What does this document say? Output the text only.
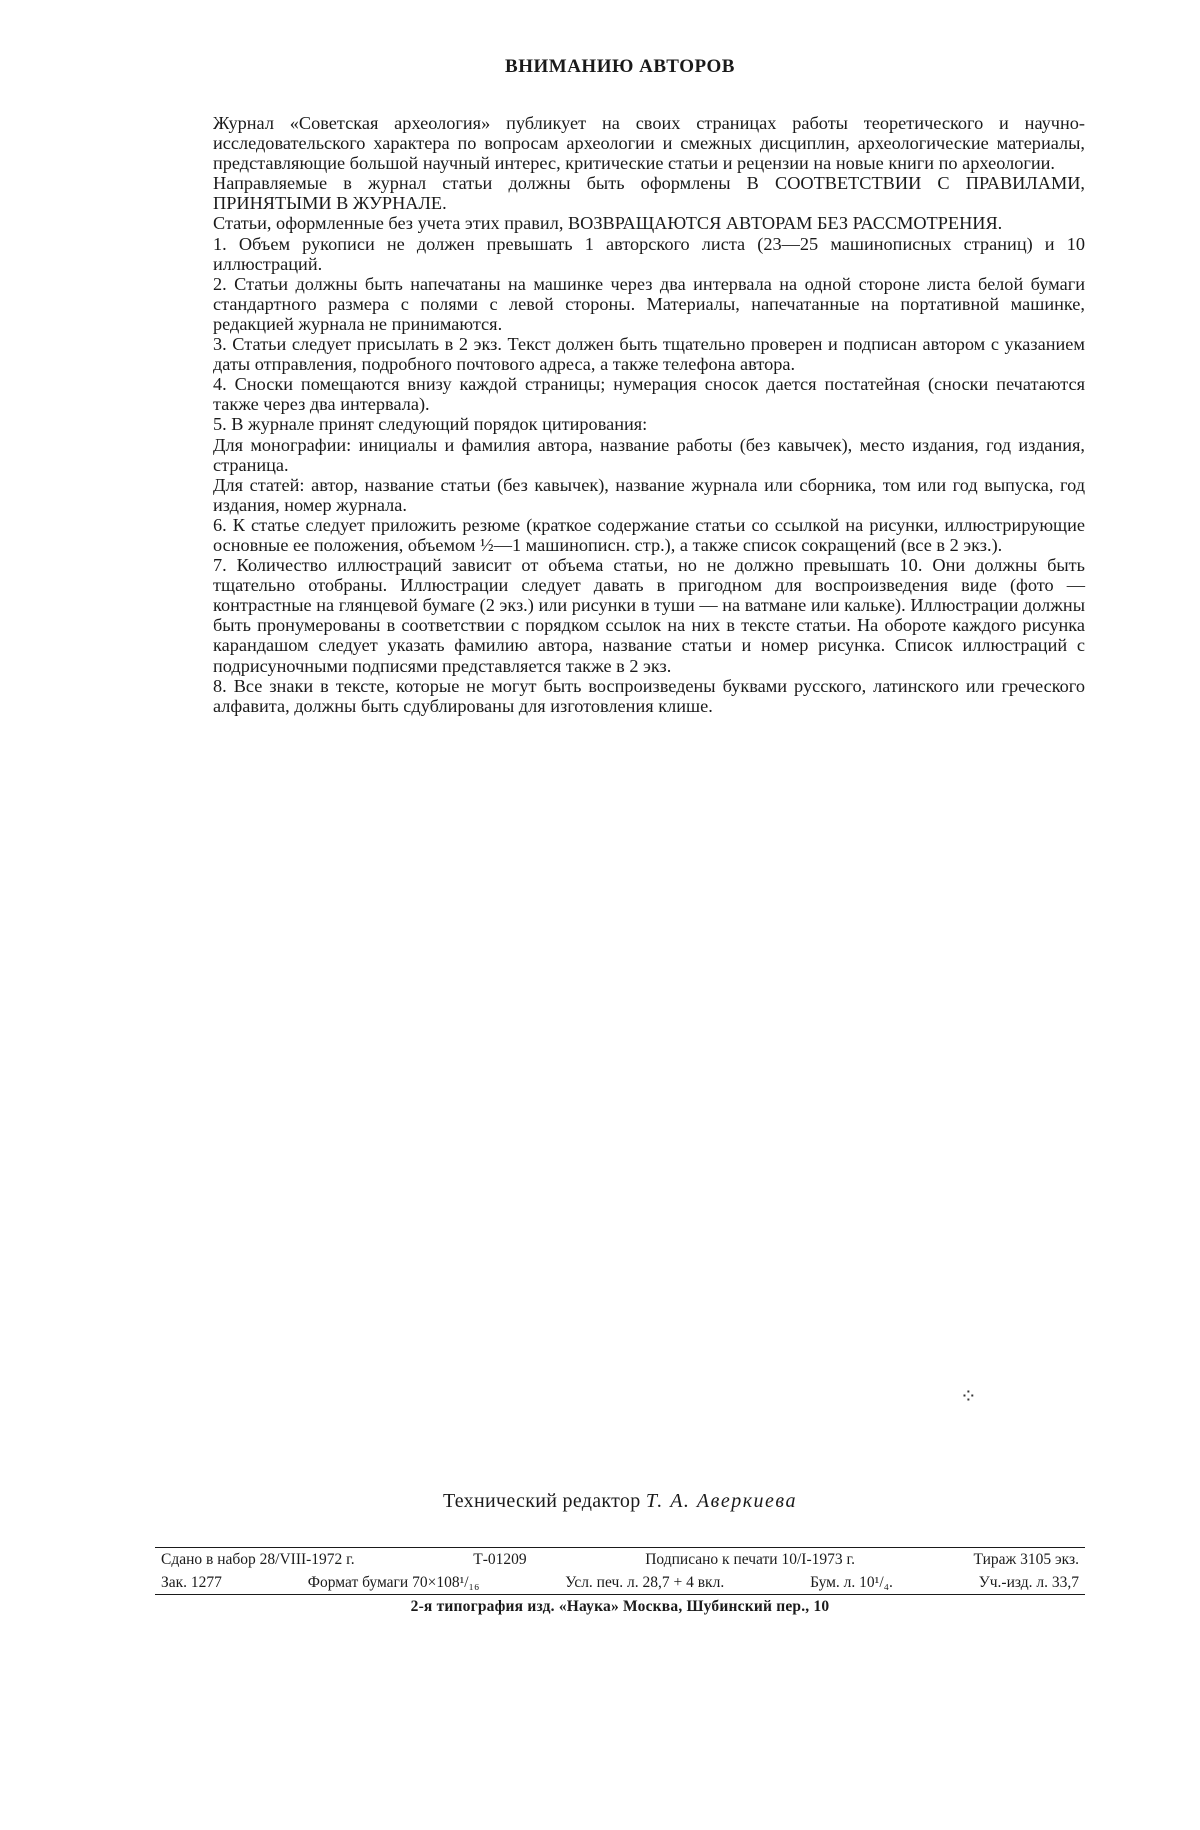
ВНИМАНИЮ АВТОРОВ

Журнал «Советская археология» публикует на своих страницах работы теоретического и научно-исследовательского характера по вопросам археологии и смежных дисциплин, археологические материалы, представляющие большой научный интерес, критические статьи и рецензии на новые книги по археологии.

Направляемые в журнал статьи должны быть оформлены В СООТВЕТСТВИИ С ПРАВИЛАМИ, ПРИНЯТЫМИ В ЖУРНАЛЕ.

Статьи, оформленные без учета этих правил, ВОЗВРАЩАЮТСЯ АВТОРАМ БЕЗ РАССМОТРЕНИЯ.

1. Объем рукописи не должен превышать 1 авторского листа (23—25 машинописных страниц) и 10 иллюстраций.

2. Статьи должны быть напечатаны на машинке через два интервала на одной стороне листа белой бумаги стандартного размера с полями с левой стороны. Материалы, напечатанные на портативной машинке, редакцией журнала не принимаются.

3. Статьи следует присылать в 2 экз. Текст должен быть тщательно проверен и подписан автором с указанием даты отправления, подробного почтового адреса, а также телефона автора.

4. Сноски помещаются внизу каждой страницы; нумерация сносок дается постатейная (сноски печатаются также через два интервала).

5. В журнале принят следующий порядок цитирования:

Для монографии: инициалы и фамилия автора, название работы (без кавычек), место издания, год издания, страница.

Для статей: автор, название статьи (без кавычек), название журнала или сборника, том или год выпуска, год издания, номер журнала.

6. К статье следует приложить резюме (краткое содержание статьи со ссылкой на рисунки, иллюстрирующие основные ее положения, объемом ½—1 машинописн. стр.), а также список сокращений (все в 2 экз.).

7. Количество иллюстраций зависит от объема статьи, но не должно превышать 10. Они должны быть тщательно отобраны. Иллюстрации следует давать в пригодном для воспроизведения виде (фото — контрастные на глянцевой бумаге (2 экз.) или рисунки в туши — на ватмане или кальке). Иллюстрации должны быть пронумерованы в соответствии с порядком ссылок на них в тексте статьи. На обороте каждого рисунка карандашом следует указать фамилию автора, название статьи и номер рисунка. Список иллюстраций с подрисуночными подписями представляется также в 2 экз.

8. Все знаки в тексте, которые не могут быть воспроизведены буквами русского, латинского или греческого алфавита, должны быть сдублированы для изготовления клише.

⁘
Технический редактор Т. А. Аверкиева
Сдано в набор 28/VIII-1972 г.	Т-01209	Подписано к печати 10/I-1973 г.	Тираж 3105 экз.
Зак. 1277	Формат бумаги 70×108¹/₁₆	Усл. печ. л. 28,7 + 4 вкл.	Бум. л. 10¹/₄.	Уч.-изд. л. 33,7
2-я типография изд. «Наука» Москва, Шубинский пер., 10
